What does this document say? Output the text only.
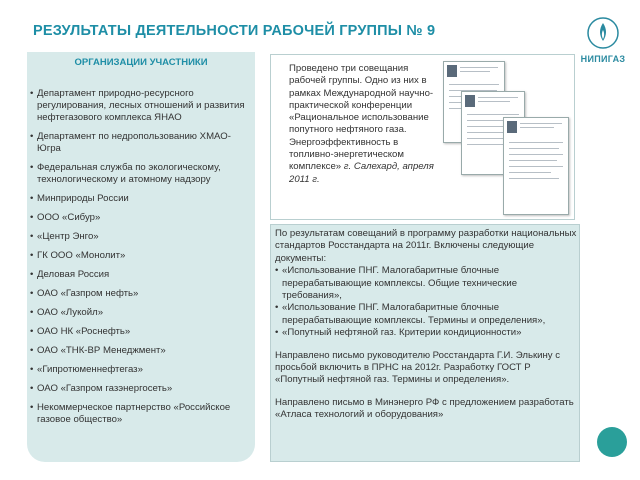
РЕЗУЛЬТАТЫ ДЕЯТЕЛЬНОСТИ РАБОЧЕЙ ГРУППЫ № 9
НИПИГАЗ
ОРГАНИЗАЦИИ УЧАСТНИКИ
• Департамент природно-ресурсного регулирования, лесных отношений и развития нефтегазового комплекса ЯНАО
• Департамент по недропользованию ХМАО-Югра
• Федеральная служба по экологическому, технологическому и атомному надзору
• Минприроды России
• ООО «Сибур»
• «Центр Энго»
• ГК ООО «Монолит»
• Деловая Россия
• ОАО «Газпром нефть»
• ОАО «Лукойл»
• ОАО НК «Роснефть»
• ОАО «ТНК-ВР Менеджмент»
• «Гипротюменнефтегаз»
• ОАО «Газпром газэнергосеть»
• Некоммерческое партнерство «Российское газовое общество»

Проведено три совещания рабочей группы. Одно из них в рамках Международной научно-практической конференции «Рациональное использование попутного нефтяного газа. Энергоэффективность в топливно-энергетическом комплексе» г. Салехард, апреля 2011 г.

По результатам совещаний в программу разработки национальных стандартов Росстандарта на 2011г. Включены следующие документы:

• «Использование ПНГ. Малогабаритные блочные перерабатывающие комплексы. Общие технические требования»,

• «Использование ПНГ. Малогабаритные блочные перерабатывающие комплексы. Термины и определения»,

• «Попутный нефтяной газ. Критерии кондиционности»

Направлено письмо руководителю Росстандарта Г.И. Элькину с просьбой включить в ПРНС на 2012г. Разработку ГОСТ Р «Попутный нефтяной газ. Термины и определения».

Направлено письмо в Минэнерго РФ с предложением разработать «Атласа технологий и оборудования»
